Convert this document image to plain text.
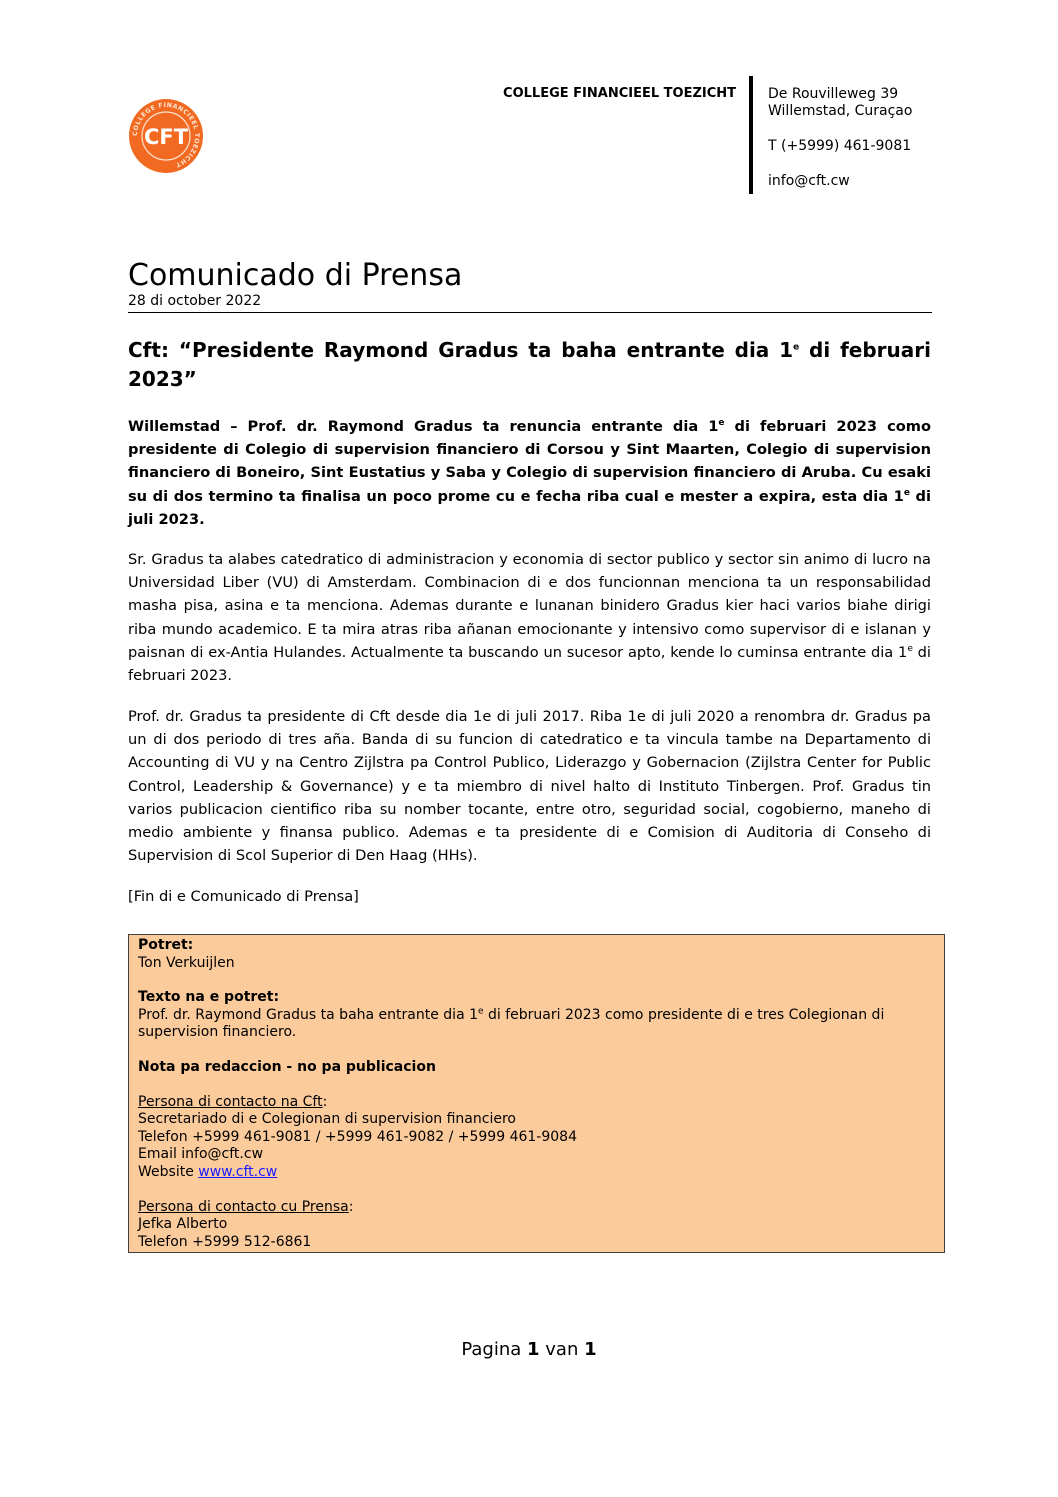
COLLEGE FINANCIEEL TOEZICHT
CFT
COLLEGE FINANCIEEL TOEZICHT De Rouvilleweg 39
Willemstad, Curaçao
T (+5999) 461-9081
info@cft.cw
Comunicado di Prensa
28 di october 2022
Cft: “Presidente Raymond Gradus ta baha entrante dia 1e di februari 2023”

Willemstad – Prof. dr. Raymond Gradus ta renuncia entrante dia 1e di februari 2023 como presidente di Colegio di supervision financiero di Corsou y Sint Maarten, Colegio di supervision financiero di Boneiro, Sint Eustatius y Saba y Colegio di supervision financiero di Aruba. Cu esaki su di dos termino ta finalisa un poco prome cu e fecha riba cual e mester a expira, esta dia 1e di juli 2023.

Sr. Gradus ta alabes catedratico di administracion y economia di sector publico y sector sin animo di lucro na Universidad Liber (VU) di Amsterdam. Combinacion di e dos funcionnan menciona ta un responsabilidad masha pisa, asina e ta menciona. Ademas durante e lunanan binidero Gradus kier haci varios biahe dirigi riba mundo academico. E ta mira atras riba añanan emocionante y intensivo como supervisor di e islanan y paisnan di ex-Antia Hulandes. Actualmente ta buscando un sucesor apto, kende lo cuminsa entrante dia 1e di februari 2023.

Prof. dr. Gradus ta presidente di Cft desde dia 1e di juli 2017. Riba 1e di juli 2020 a renombra dr. Gradus pa un di dos periodo di tres aña. Banda di su funcion di catedratico e ta vincula tambe na Departamento di Accounting di VU y na Centro Zijlstra pa Control Publico, Liderazgo y Gobernacion (Zijlstra Center for Public Control, Leadership & Governance) y e ta miembro di nivel halto di Instituto Tinbergen. Prof. Gradus tin varios publicacion cientifico riba su nomber tocante, entre otro, seguridad social, cogobierno, maneho di medio ambiente y finansa publico. Ademas e ta presidente di e Comision di Auditoria di Conseho di Supervision di Scol Superior di Den Haag (HHs).

[Fin di e Comunicado di Prensa]

Potret:
Ton Verkuijlen
Texto na e potret:
Prof. dr. Raymond Gradus ta baha entrante dia 1e di februari 2023 como presidente di e tres Colegionan di supervision financiero.
Nota pa redaccion - no pa publicacion
Persona di contacto na Cft:
Secretariado di e Colegionan di supervision financiero
Telefon +5999 461-9081 / +5999 461-9082 / +5999 461-9084
Email info@cft.cw
Website www.cft.cw
Persona di contacto cu Prensa:
Jefka Alberto
Telefon +5999 512-6861
Pagina 1 van 1
